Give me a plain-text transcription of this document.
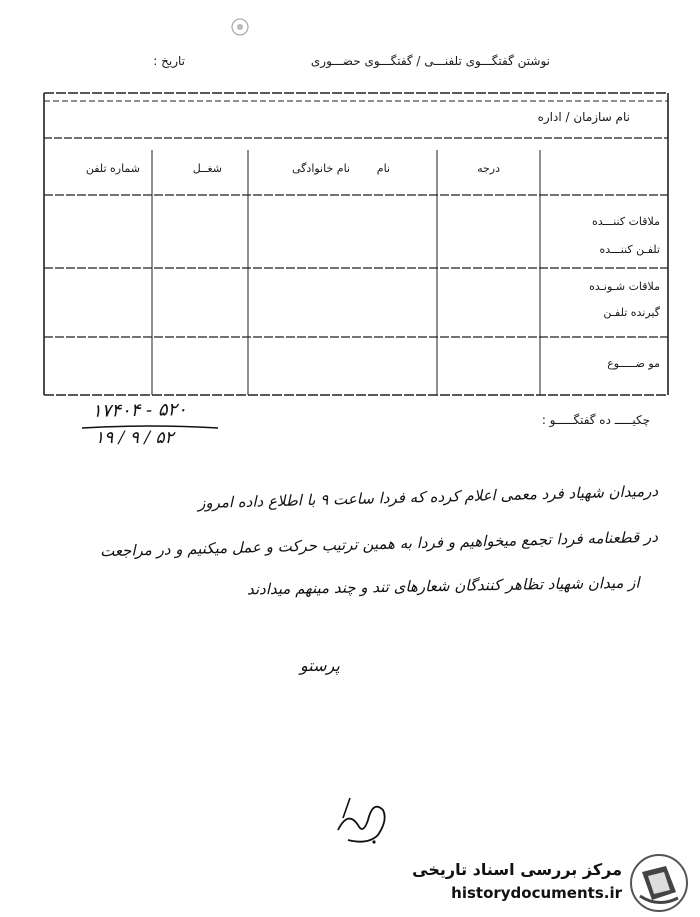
نوشتن گفتگـــوی تلفنـــی / گفتگـــوی حضـــوری
تاریخ :
نام سازمان / اداره
درجه
نام
نام خانوادگی
شغــل
شماره تلفن
ملاقات کننـــده
تلفـن کننـــده
ملاقات شـونـده
گیرنده تلفـن
مو ضـــــوع
چکیـــــ ده گفتگـــــو :
۵۲۰ - ۱۷۴۰۴
۵۲ / ۹ / ۱۹
درمیدان شهیاد فرد معمی اعلام کرده که فردا ساعت ۹ با اطلاع داده امروز
در قطعنامه فردا تجمع میخواهیم و فردا به همین ترتیب حرکت و عمل میکنیم و در مراجعت
از میدان شهیاد تظاهر کنندگان شعارهای تند و چند مینهم میدادند
پرستو
مرکز بررسی اسناد تاریخی
historydocuments.ir
